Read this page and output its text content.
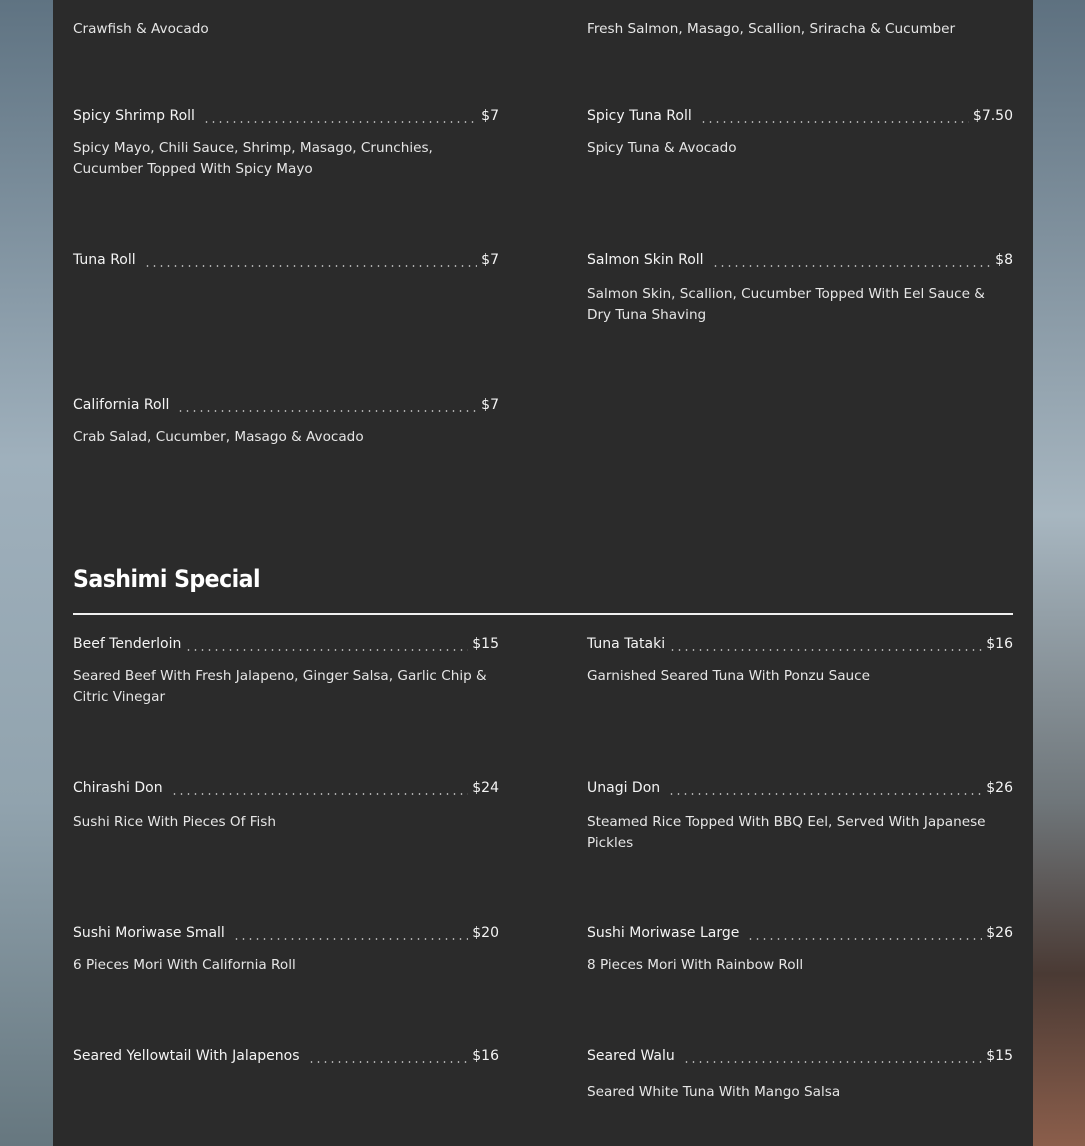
Crawfish & Avocado
Spicy Shrimp Roll	$7
Spicy Mayo, Chili Sauce, Shrimp, Masago, Crunchies, Cucumber Topped With Spicy Mayo
Tuna Roll	$7
California Roll	$7
Crab Salad, Cucumber, Masago & Avocado
Fresh Salmon, Masago, Scallion, Sriracha & Cucumber
Spicy Tuna Roll	$7.50
Spicy Tuna & Avocado
Salmon Skin Roll	$8
Salmon Skin, Scallion, Cucumber Topped With Eel Sauce & Dry Tuna Shaving
Sashimi Special
Beef Tenderloin	$15
Seared Beef With Fresh Jalapeno, Ginger Salsa, Garlic Chip & Citric Vinegar
Chirashi Don	$24
Sushi Rice With Pieces Of Fish
Sushi Moriwase Small	$20
6 Pieces Mori With California Roll
Seared Yellowtail With Jalapenos	$16
Tuna Tataki	$16
Garnished Seared Tuna With Ponzu Sauce
Unagi Don	$26
Steamed Rice Topped With BBQ Eel, Served With Japanese Pickles
Sushi Moriwase Large	$26
8 Pieces Mori With Rainbow Roll
Seared Walu	$15
Seared White Tuna With Mango Salsa
